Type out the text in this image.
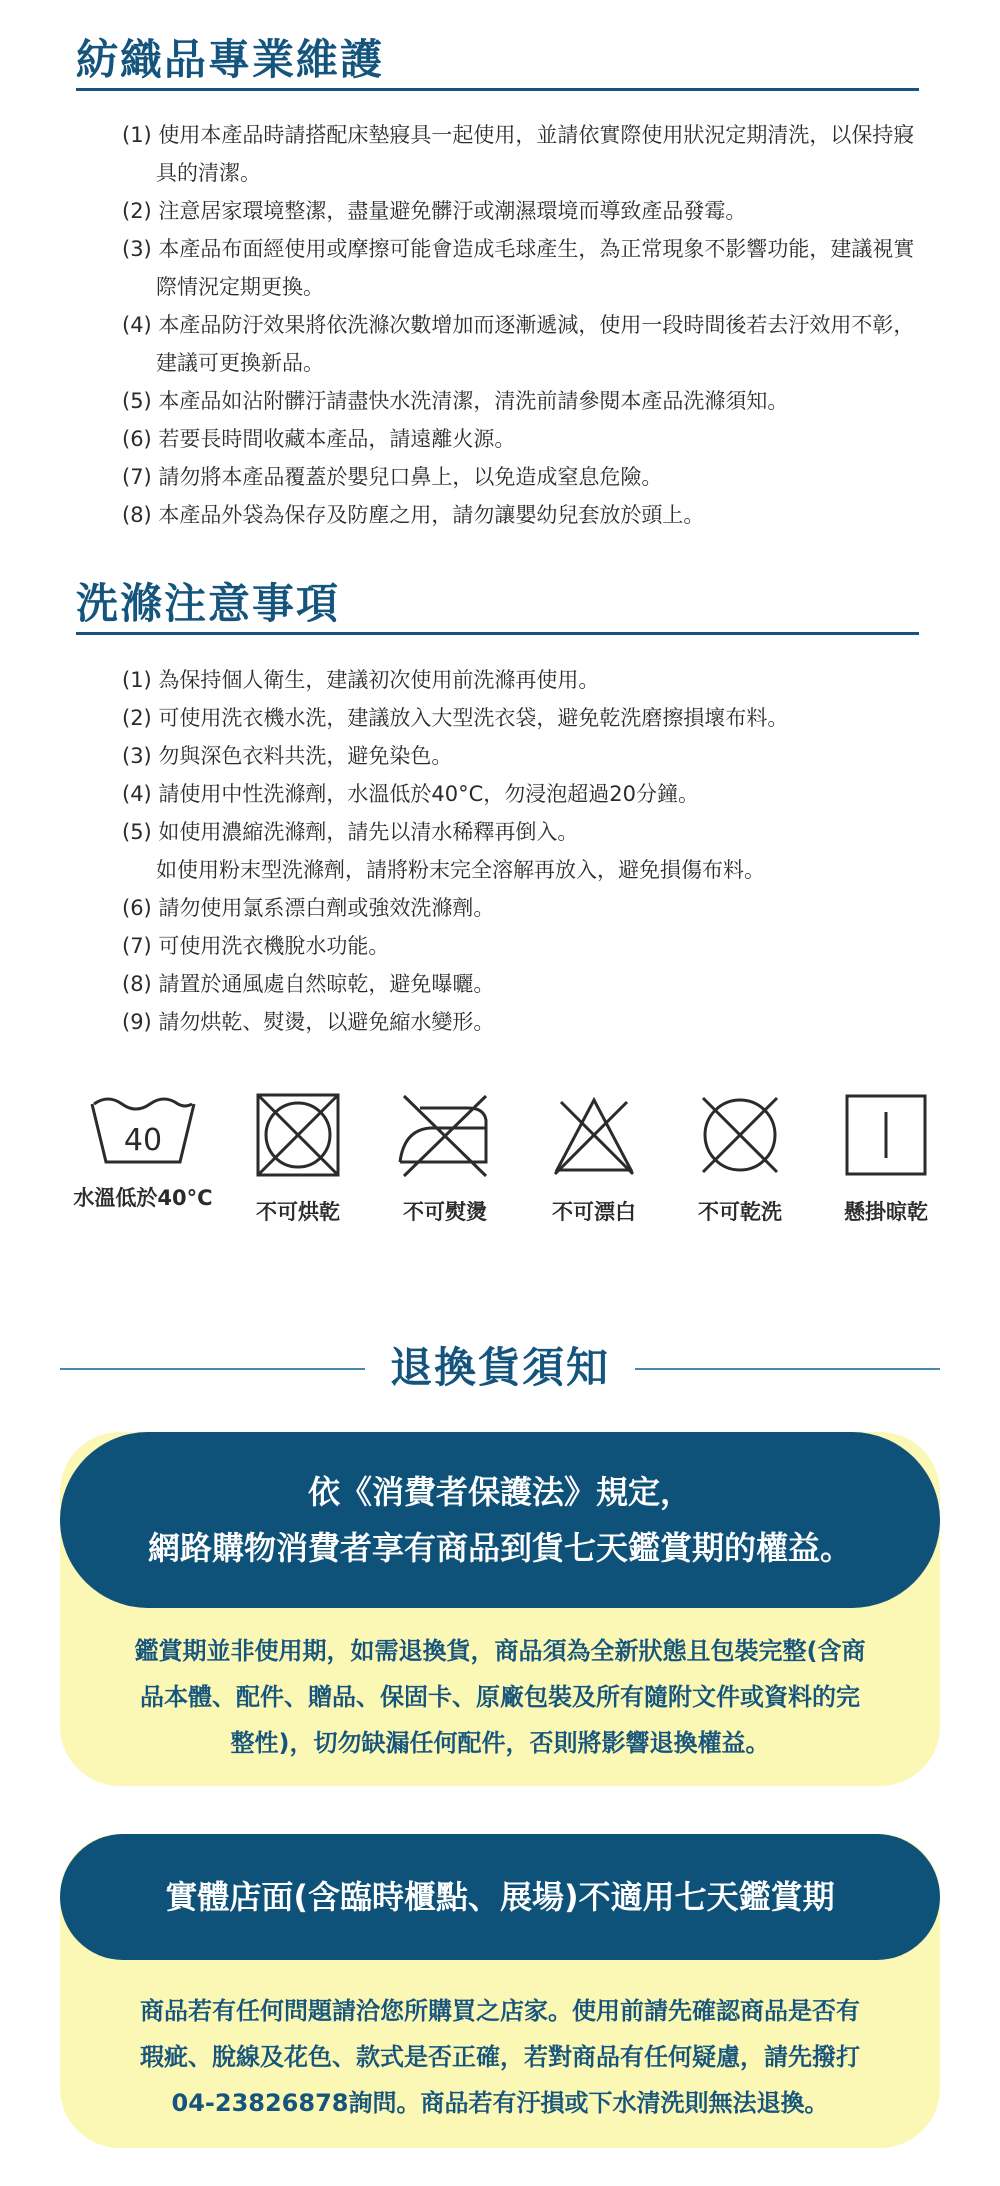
紡織品專業維護
(1) 使用本產品時請搭配床墊寢具一起使用，並請依實際使用狀況定期清洗，以保持寢具的清潔。
(2) 注意居家環境整潔，盡量避免髒汙或潮濕環境而導致產品發霉。
(3) 本產品布面經使用或摩擦可能會造成毛球產生，為正常現象不影響功能，建議視實際情況定期更換。
(4) 本產品防汙效果將依洗滌次數增加而逐漸遞減，使用一段時間後若去汙效用不彰，建議可更換新品。
(5) 本產品如沾附髒汙請盡快水洗清潔，清洗前請參閱本產品洗滌須知。
(6) 若要長時間收藏本產品，請遠離火源。
(7) 請勿將本產品覆蓋於嬰兒口鼻上，以免造成窒息危險。
(8) 本產品外袋為保存及防塵之用，請勿讓嬰幼兒套放於頭上。
洗滌注意事項
(1) 為保持個人衛生，建議初次使用前洗滌再使用。
(2) 可使用洗衣機水洗，建議放入大型洗衣袋，避免乾洗磨擦損壞布料。
(3) 勿與深色衣料共洗，避免染色。
(4) 請使用中性洗滌劑，水溫低於40°C，勿浸泡超過20分鐘。
(5) 如使用濃縮洗滌劑，請先以清水稀釋再倒入。
如使用粉末型洗滌劑，請將粉末完全溶解再放入，避免損傷布料。
(6) 請勿使用氯系漂白劑或強效洗滌劑。
(7) 可使用洗衣機脫水功能。
(8) 請置於通風處自然晾乾，避免曝曬。
(9) 請勿烘乾、熨燙，以避免縮水變形。
40
水溫低於40°C
不可烘乾	不可熨燙	不可漂白	不可乾洗	懸掛晾乾
退換貨須知
依《消費者保護法》規定，
網路購物消費者享有商品到貨七天鑑賞期的權益。
鑑賞期並非使用期，如需退換貨，商品須為全新狀態且包裝完整(含商品本體、配件、贈品、保固卡、原廠包裝及所有隨附文件或資料的完整性)，切勿缺漏任何配件，否則將影響退換權益。
實體店面(含臨時櫃點、展場)不適用七天鑑賞期
商品若有任何問題請洽您所購買之店家。使用前請先確認商品是否有瑕疵、脫線及花色、款式是否正確，若對商品有任何疑慮，請先撥打04-23826878詢問。商品若有汙損或下水清洗則無法退換。
